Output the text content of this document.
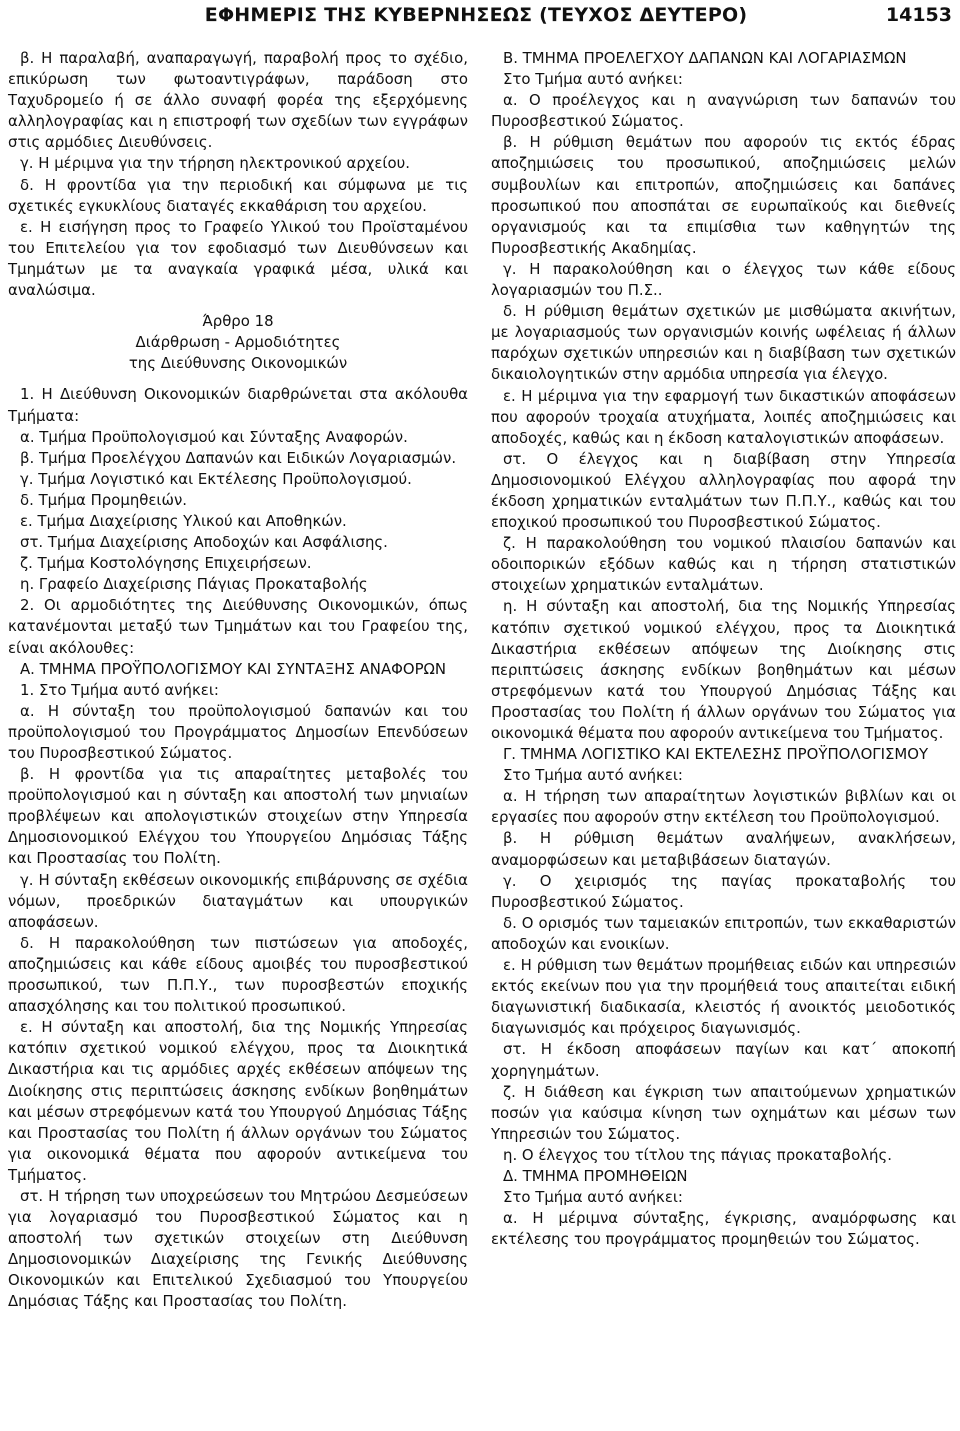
ΕΦΗΜΕΡΙΣ ΤΗΣ ΚΥΒΕΡΝΗΣΕΩΣ (ΤΕΥΧΟΣ ΔΕΥΤΕΡΟ)	14153

β. Η παραλαβή, αναπαραγωγή, παραβολή προς το σχέδιο, επικύρωση των φωτοαντιγράφων, παράδοση στο Ταχυδρομείο ή σε άλλο συναφή φορέα της εξερχόμενης αλληλογραφίας και η επιστροφή των σχεδίων των εγγράφων στις αρμόδιες Διευθύνσεις.

γ. Η μέριμνα για την τήρηση ηλεκτρονικού αρχείου.

δ. Η φροντίδα για την περιοδική και σύμφωνα με τις σχετικές εγκυκλίους διαταγές εκκαθάριση του αρχείου.

ε. Η εισήγηση προς το Γραφείο Υλικού του Προϊσταμένου του Επιτελείου για τον εφοδιασμό των Διευθύνσεων και Τμημάτων με τα αναγκαία γραφικά μέσα, υλικά και αναλώσιμα.

Άρθρο 18

Διάρθρωση ‑ Αρμοδιότητες

της Διεύθυνσης Οικονομικών

1. Η Διεύθυνση Οικονομικών διαρθρώνεται στα ακόλουθα Τμήματα:

α. Τμήμα Προϋπολογισμού και Σύνταξης Αναφορών.

β. Τμήμα Προελέγχου Δαπανών και Ειδικών Λογαριασμών.

γ. Τμήμα Λογιστικό και Εκτέλεσης Προϋπολογισμού.

δ. Τμήμα Προμηθειών.

ε. Τμήμα Διαχείρισης Υλικού και Αποθηκών.

στ. Τμήμα Διαχείρισης Αποδοχών και Ασφάλισης.

ζ. Τμήμα Κοστολόγησης Επιχειρήσεων.

η. Γραφείο Διαχείρισης Πάγιας Προκαταβολής

2. Οι αρμοδιότητες της Διεύθυνσης Οικονομικών, όπως κατανέμονται μεταξύ των Τμημάτων και του Γραφείου της, είναι ακόλουθες:

Α. ΤΜΗΜΑ ΠΡΟΫΠΟΛΟΓΙΣΜΟΥ ΚΑΙ ΣΥΝΤΑΞΗΣ ΑΝΑΦΟΡΩΝ

1. Στο Τμήμα αυτό ανήκει:

α. Η σύνταξη του προϋπολογισμού δαπανών και του προϋπολογισμού του Προγράμματος Δημοσίων Επενδύσεων του Πυροσβεστικού Σώματος.

β. Η φροντίδα για τις απαραίτητες μεταβολές του προϋπολογισμού και η σύνταξη και αποστολή των μηνιαίων προβλέψεων και απολογιστικών στοιχείων στην Υπηρεσία Δημοσιονομικού Ελέγχου του Υπουργείου Δημόσιας Τάξης και Προστασίας του Πολίτη.

γ. Η σύνταξη εκθέσεων οικονομικής επιβάρυνσης σε σχέδια νόμων, προεδρικών διαταγμάτων και υπουργικών αποφάσεων.

δ. Η παρακολούθηση των πιστώσεων για αποδοχές, αποζημιώσεις και κάθε είδους αμοιβές του πυροσβεστικού προσωπικού, των Π.Π.Υ., των πυροσβεστών εποχικής απασχόλησης και του πολιτικού προσωπικού.

ε. Η σύνταξη και αποστολή, δια της Νομικής Υπηρεσίας κατόπιν σχετικού νομικού ελέγχου, προς τα Διοικητικά Δικαστήρια και τις αρμόδιες αρχές εκθέσεων απόψεων της Διοίκησης στις περιπτώσεις άσκησης ενδίκων βοηθημάτων και μέσων στρεφόμενων κατά του Υπουργού Δημόσιας Τάξης και Προστασίας του Πολίτη ή άλλων οργάνων του Σώματος για οικονομικά θέματα που αφορούν αντικείμενα του Τμήματος.

στ. Η τήρηση των υποχρεώσεων του Μητρώου Δεσμεύσεων για λογαριασμό του Πυροσβεστικού Σώματος και η αποστολή των σχετικών στοιχείων στη Διεύθυνση Δημοσιονομικών Διαχείρισης της Γενικής Διεύθυνσης Οικονομικών και Επιτελικού Σχεδιασμού του Υπουργείου Δημόσιας Τάξης και Προστασίας του Πολίτη.

Β. ΤΜΗΜΑ ΠΡΟΕΛΕΓΧΟΥ ΔΑΠΑΝΩΝ ΚΑΙ ΛΟΓΑΡΙΑΣΜΩΝ

Στο Τμήμα αυτό ανήκει:

α. Ο προέλεγχος και η αναγνώριση των δαπανών του Πυροσβεστικού Σώματος.

β. Η ρύθμιση θεμάτων που αφορούν τις εκτός έδρας αποζημιώσεις του προσωπικού, αποζημιώσεις μελών συμβουλίων και επιτροπών, αποζημιώσεις και δαπάνες προσωπικού που αποσπάται σε ευρωπαϊκούς και διεθνείς οργανισμούς και τα επιμίσθια των καθηγητών της Πυροσβεστικής Ακαδημίας.

γ. Η παρακολούθηση και ο έλεγχος των κάθε είδους λογαριασμών του Π.Σ..

δ. Η ρύθμιση θεμάτων σχετικών με μισθώματα ακινήτων, με λογαριασμούς των οργανισμών κοινής ωφέλειας ή άλλων παρόχων σχετικών υπηρεσιών και η διαβίβαση των σχετικών δικαιολογητικών στην αρμόδια υπηρεσία για έλεγχο.

ε. Η μέριμνα για την εφαρμογή των δικαστικών αποφάσεων που αφορούν τροχαία ατυχήματα, λοιπές αποζημιώσεις και αποδοχές, καθώς και η έκδοση καταλογιστικών αποφάσεων.

στ. Ο έλεγχος και η διαβίβαση στην Υπηρεσία Δημοσιονομικού Ελέγχου αλληλογραφίας που αφορά την έκδοση χρηματικών ενταλμάτων των Π.Π.Υ., καθώς και του εποχικού προσωπικού του Πυροσβεστικού Σώματος.

ζ. Η παρακολούθηση του νομικού πλαισίου δαπανών και οδοιπορικών εξόδων καθώς και η τήρηση στατιστικών στοιχείων χρηματικών ενταλμάτων.

η. Η σύνταξη και αποστολή, δια της Νομικής Υπηρεσίας κατόπιν σχετικού νομικού ελέγχου, προς τα Διοικητικά Δικαστήρια εκθέσεων απόψεων της Διοίκησης στις περιπτώσεις άσκησης ενδίκων βοηθημάτων και μέσων στρεφόμενων κατά του Υπουργού Δημόσιας Τάξης και Προστασίας του Πολίτη ή άλλων οργάνων του Σώματος για οικονομικά θέματα που αφορούν αντικείμενα του Τμήματος.

Γ. ΤΜΗΜΑ ΛΟΓΙΣΤΙΚΟ ΚΑΙ ΕΚΤΕΛΕΣΗΣ ΠΡΟΫΠΟΛΟΓΙΣΜΟΥ

Στο Τμήμα αυτό ανήκει:

α. Η τήρηση των απαραίτητων λογιστικών βιβλίων και οι εργασίες που αφορούν στην εκτέλεση του Προϋπολογισμού.

β. Η ρύθμιση θεμάτων αναλήψεων, ανακλήσεων, αναμορφώσεων και μεταβιβάσεων διαταγών.

γ. Ο χειρισμός της παγίας προκαταβολής του Πυροσβεστικού Σώματος.

δ. Ο ορισμός των ταμειακών επιτροπών, των εκκαθαριστών αποδοχών και ενοικίων.

ε. Η ρύθμιση των θεμάτων προμήθειας ειδών και υπηρεσιών εκτός εκείνων που για την προμήθειά τους απαιτείται ειδική διαγωνιστική διαδικασία, κλειστός ή ανοικτός μειοδοτικός διαγωνισμός και πρόχειρος διαγωνισμός.

στ. Η έκδοση αποφάσεων παγίων και κατ΄ αποκοπή χορηγημάτων.

ζ. Η διάθεση και έγκριση των απαιτούμενων χρηματικών ποσών για καύσιμα κίνηση των οχημάτων και μέσων των Υπηρεσιών του Σώματος.

η. Ο έλεγχος του τίτλου της πάγιας προκαταβολής.

Δ. ΤΜΗΜΑ ΠΡΟΜΗΘΕΙΩΝ

Στο Τμήμα αυτό ανήκει:

α. Η μέριμνα σύνταξης, έγκρισης, αναμόρφωσης και εκτέλεσης του προγράμματος προμηθειών του Σώματος.
